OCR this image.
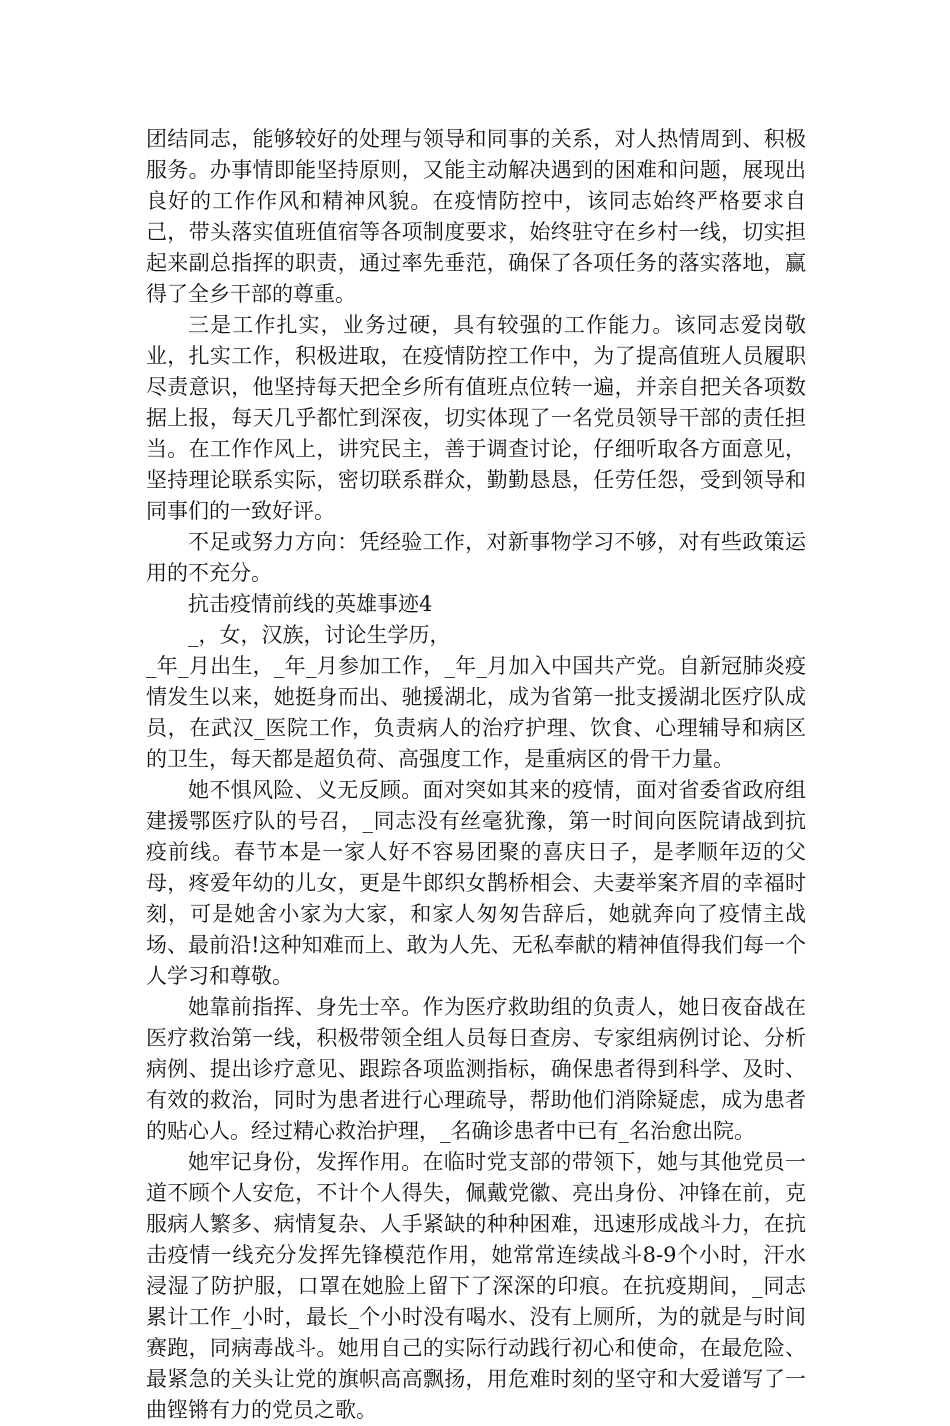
团结同志，能够较好的处理与领导和同事的关系，对人热情周到、积极服务。办事情即能坚持原则，又能主动解决遇到的困难和问题，展现出良好的工作作风和精神风貌。在疫情防控中，该同志始终严格要求自己，带头落实值班值宿等各项制度要求，始终驻守在乡村一线，切实担起来副总指挥的职责，通过率先垂范，确保了各项任务的落实落地，赢得了全乡干部的尊重。

三是工作扎实，业务过硬，具有较强的工作能力。该同志爱岗敬业，扎实工作，积极进取，在疫情防控工作中，为了提高值班人员履职尽责意识，他坚持每天把全乡所有值班点位转一遍，并亲自把关各项数据上报，每天几乎都忙到深夜，切实体现了一名党员领导干部的责任担当。在工作作风上，讲究民主，善于调查讨论，仔细听取各方面意见，坚持理论联系实际，密切联系群众，勤勤恳恳，任劳任怨，受到领导和同事们的一致好评。

不足或努力方向：凭经验工作，对新事物学习不够，对有些政策运用的不充分。

抗击疫情前线的英雄事迹4

_，女，汉族，讨论生学历，

_年_月出生，_年_月参加工作，_年_月加入中国共产党。自新冠肺炎疫情发生以来，她挺身而出、驰援湖北，成为省第一批支援湖北医疗队成员，在武汉_医院工作，负责病人的治疗护理、饮食、心理辅导和病区的卫生，每天都是超负荷、高强度工作，是重病区的骨干力量。

她不惧风险、义无反顾。面对突如其来的疫情，面对省委省政府组建援鄂医疗队的号召，_同志没有丝毫犹豫，第一时间向医院请战到抗疫前线。春节本是一家人好不容易团聚的喜庆日子，是孝顺年迈的父母，疼爱年幼的儿女，更是牛郎织女鹊桥相会、夫妻举案齐眉的幸福时刻，可是她舍小家为大家，和家人匆匆告辞后，她就奔向了疫情主战场、最前沿!这种知难而上、敢为人先、无私奉献的精神值得我们每一个人学习和尊敬。

她靠前指挥、身先士卒。作为医疗救助组的负责人，她日夜奋战在医疗救治第一线，积极带领全组人员每日查房、专家组病例讨论、分析病例、提出诊疗意见、跟踪各项监测指标，确保患者得到科学、及时、有效的救治，同时为患者进行心理疏导，帮助他们消除疑虑，成为患者的贴心人。经过精心救治护理，_名确诊患者中已有_名治愈出院。

她牢记身份，发挥作用。在临时党支部的带领下，她与其他党员一道不顾个人安危，不计个人得失，佩戴党徽、亮出身份、冲锋在前，克服病人繁多、病情复杂、人手紧缺的种种困难，迅速形成战斗力，在抗击疫情一线充分发挥先锋模范作用，她常常连续战斗8-9个小时，汗水浸湿了防护服，口罩在她脸上留下了深深的印痕。在抗疫期间，_同志累计工作_小时，最长_个小时没有喝水、没有上厕所，为的就是与时间赛跑，同病毒战斗。她用自己的实际行动践行初心和使命，在最危险、最紧急的关头让党的旗帜高高飘扬，用危难时刻的坚守和大爱谱写了一曲铿锵有力的党员之歌。
